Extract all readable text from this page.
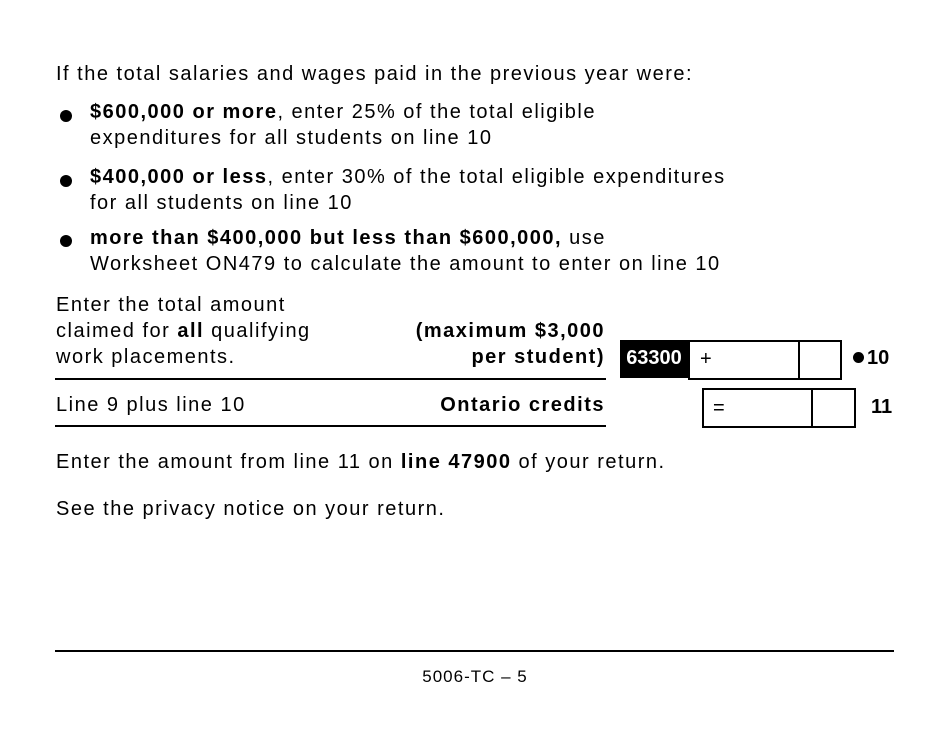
If the total salaries and wages paid in the previous year were:
$600,000 or more, enter 25% of the total eligible
expenditures for all students on line 10
$400,000 or less, enter 30% of the total eligible expenditures
for all students on line 10
more than $400,000 but less than $600,000, use
Worksheet ON479 to calculate the amount to enter on line 10
Enter the total amount
claimed for all qualifying
work placements.
(maximum $3,000
per student)	63300 +	10
Line 9 plus line 10	Ontario credits	=	11
Enter the amount from line 11 on line 47900 of your return.
See the privacy notice on your return.
5006-TC – 5
